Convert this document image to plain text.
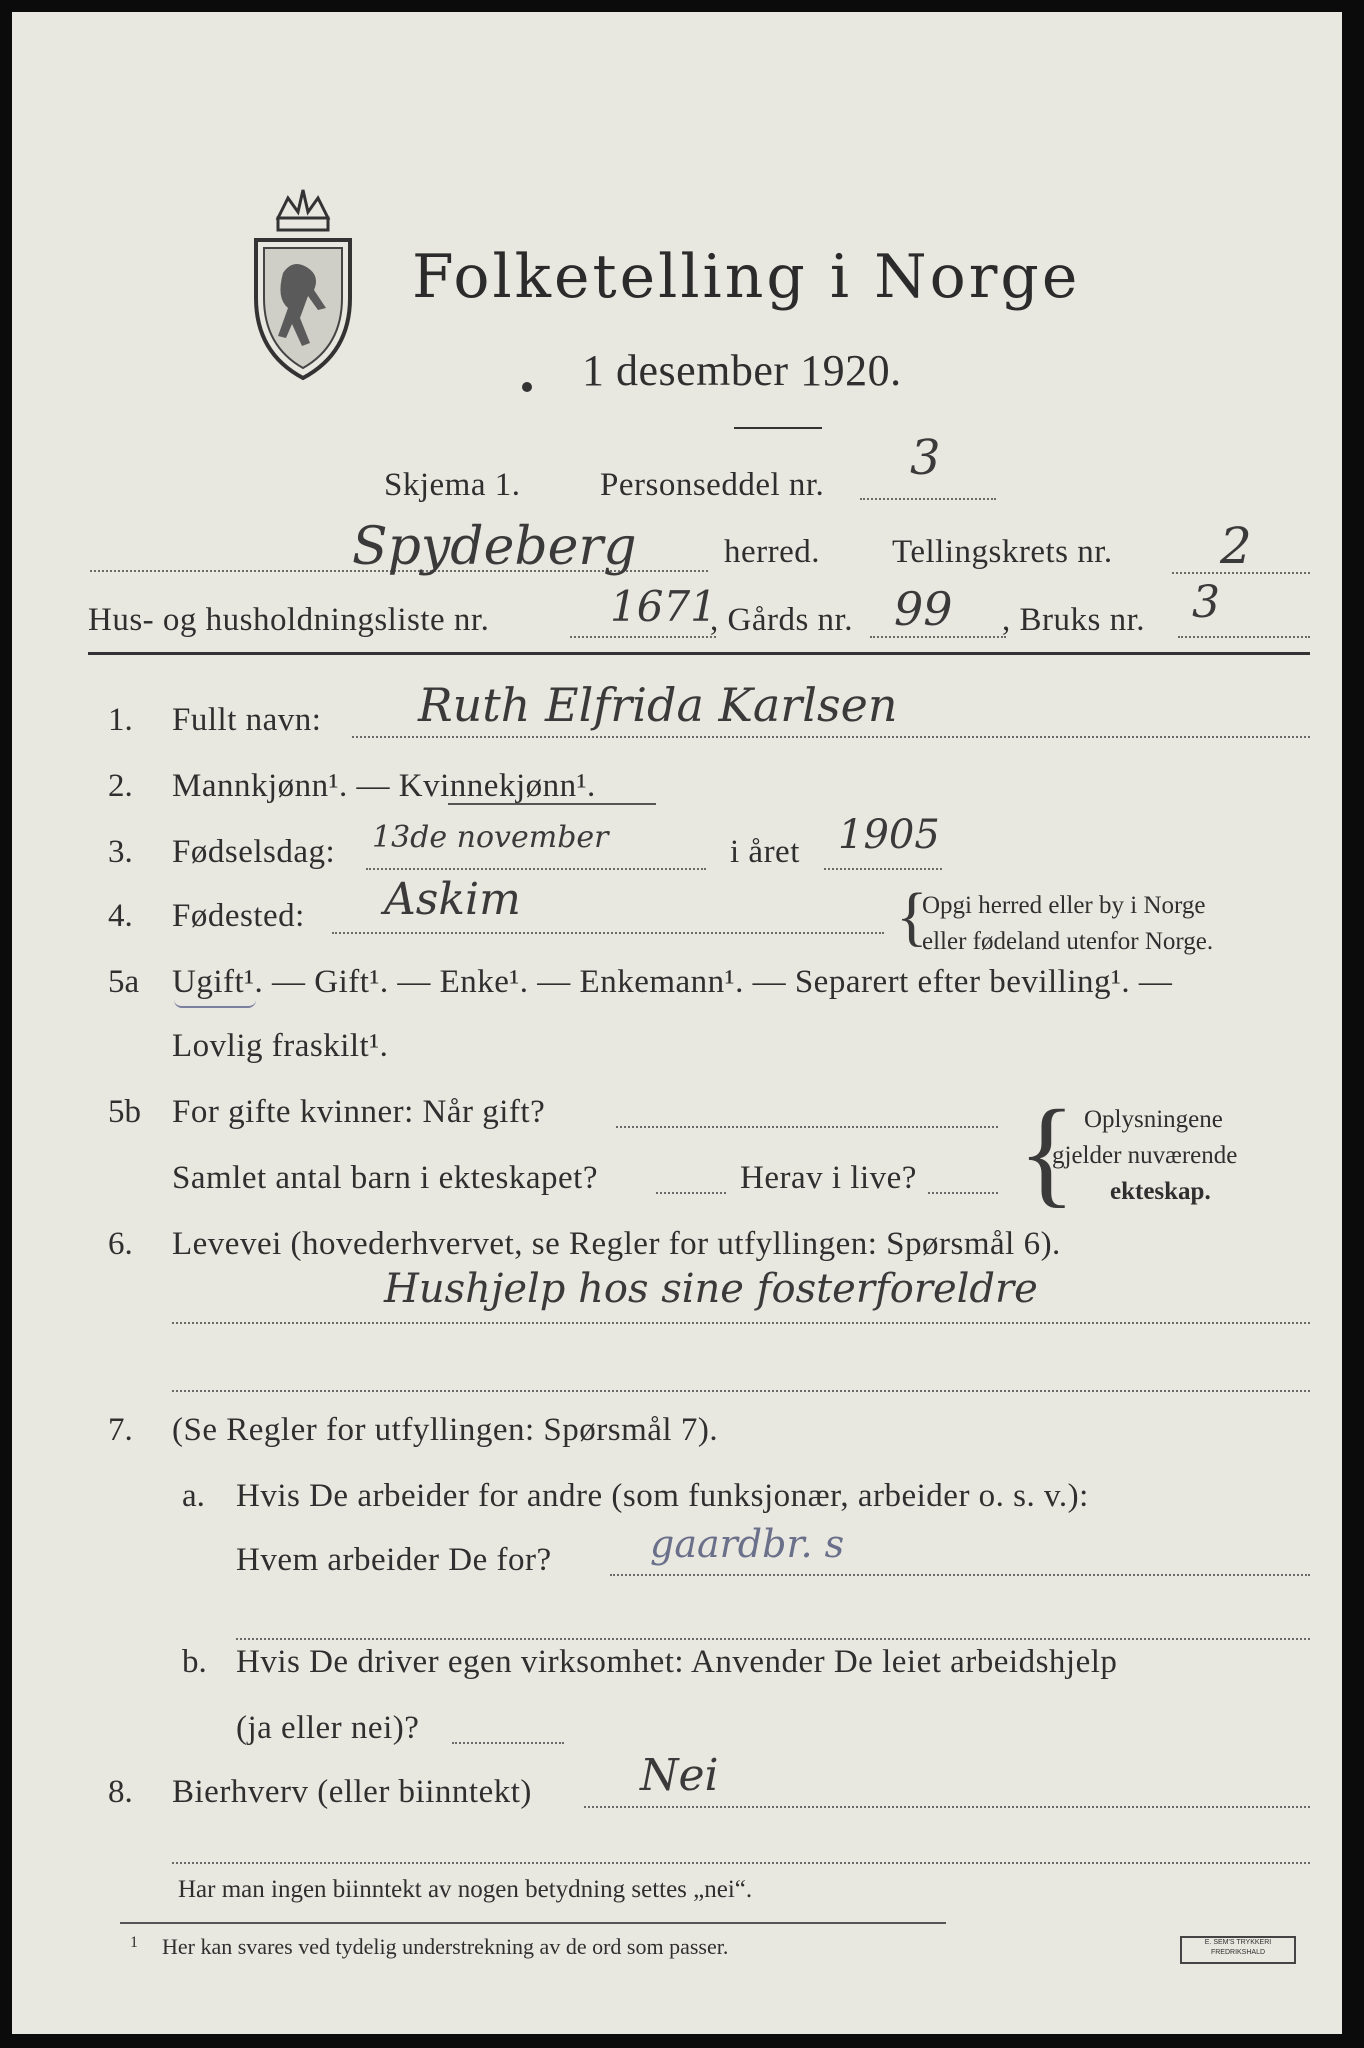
Folketelling i Norge
1 desember 1920.
Skjema 1. Personseddel nr. 3
Spydeberg	herred. Tellingskrets nr. 2
Hus- og husholdningsliste nr.	1671
, Gårds nr. 99 , Bruks nr. 3
1. Fullt navn: Ruth Elfrida Karlsen
2. Mannkjønn¹. — Kvinnekjønn¹.
3. Fødselsdag: 13de november	i året 1905
4. Fødested: Askim	{
Opgi herred eller by i Norge
eller fødeland utenfor Norge.
5a Ugift¹. — Gift¹. — Enke¹. — Enkemann¹. — Separert efter bevilling¹. —
Lovlig fraskilt¹.
5b For gifte kvinner: Når gift?
Samlet antal barn i ekteskapet?	Herav i live? { Oplysningene
gjelder nuværende
ekteskap.
6. Levevei (hovederhvervet, se Regler for utfyllingen: Spørsmål 6).
Hushjelp hos sine fosterforeldre
7. (Se Regler for utfyllingen: Spørsmål 7).
a. Hvis De arbeider for andre (som funksjonær, arbeider o. s. v.):
Hvem arbeider De for?	gaardbr. s
b. Hvis De driver egen virksomhet: Anvender De leiet arbeidshjelp
(ja eller nei)?
8. Bierhverv (eller biinntekt) Nei
Har man ingen biinntekt av nogen betydning settes „nei“.
1 Her kan svares ved tydelig understrekning av de ord som passer.	E. SEM'S TRYKKERI FREDRIKSHALD
